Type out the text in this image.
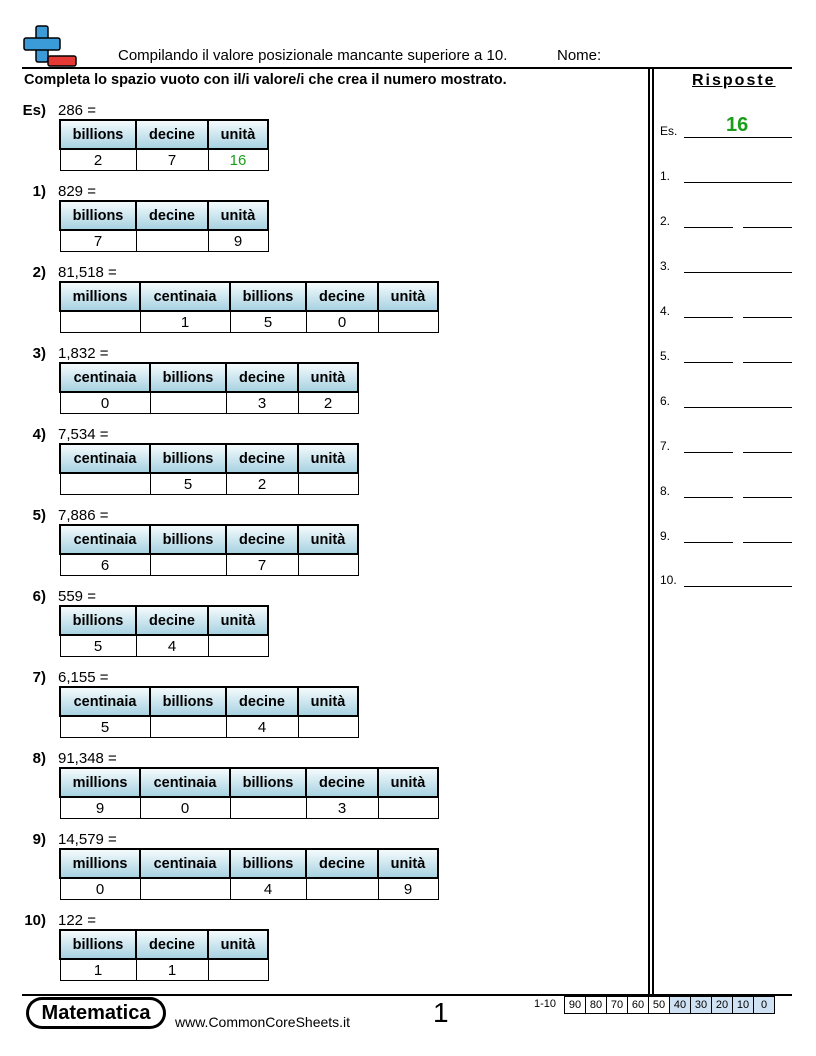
Compilando il valore posizionale mancante superiore a 10.	Nome:
Completa lo spazio vuoto con il/i valore/i che crea il numero mostrato.	Risposte
Es) 286 =
billions	decine	unità
2	7	16
1) 829 =
billions	decine	unità
7		9
2) 81,518 =
millions	centinaia	billions	decine	unità
	1	5	0	
3) 1,832 =
centinaia	billions	decine	unità
0		3	2
4) 7,534 =
centinaia	billions	decine	unità
	5	2	
5) 7,886 =
centinaia	billions	decine	unità
6		7	
6) 559 =
billions	decine	unità
5	4	
7) 6,155 =
centinaia	billions	decine	unità
5		4	
8) 91,348 =
millions	centinaia	billions	decine	unità
9	0		3	
9) 14,579 =
millions	centinaia	billions	decine	unità
0		4		9
10) 122 =
billions	decine	unità
1	1	
Es.
1.
2.
3.
4.
5.
6.
7.
8.
9.
10.
16
Matematica	www.CommonCoreSheets.it	1	1-10	90 80 70 60 50 40 30 20 10	0
